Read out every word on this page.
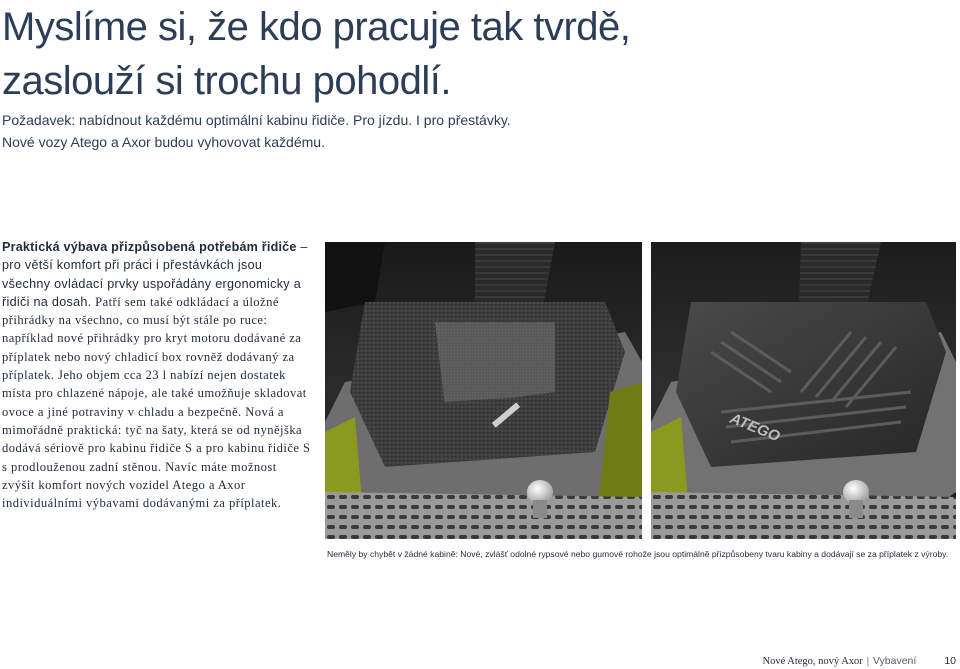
Myslíme si, že kdo pracuje tak tvrdě,
zaslouží si trochu pohodlí.

Požadavek: nabídnout každému optimální kabinu řidiče. Pro jízdu. I pro přestávky.
Nové vozy Atego a Axor budou vyhovovat každému.

Praktická výbava přizpůsobená potřebám řidiče – pro větší komfort při práci i přestávkách jsou všechny ovládací prvky uspořádány ergonomicky a řidiči na dosah. Patří sem také odkládací a úložné přihrádky na všechno, co musí být stále po ruce: například nové přihrádky pro kryt motoru dodávané za příplatek nebo nový chladicí box rovněž dodávaný za příplatek. Jeho objem cca 23 l nabízí nejen dostatek místa pro chlazené nápoje, ale také umožňuje skladovat ovoce a jiné potraviny v chladu a bezpečně. Nová a mimořádně praktická: tyč na šaty, která se od nynějška dodává sériově pro kabinu řidiče S a pro kabinu řidiče S s prodlouženou zadní stěnou. Navíc máte možnost zvýšit komfort nových vozidel Atego a Axor individuálními výbavami dodávanými za příplatek.

ATEGO

Neměly by chybět v žádné kabině: Nové, zvlášť odolné rypsové nebo gumové rohože jsou optimálně přizpůsobeny tvaru kabiny a dodávají se za příplatek z výroby.

Nové Atego, nový Axor | Vybavení	10
